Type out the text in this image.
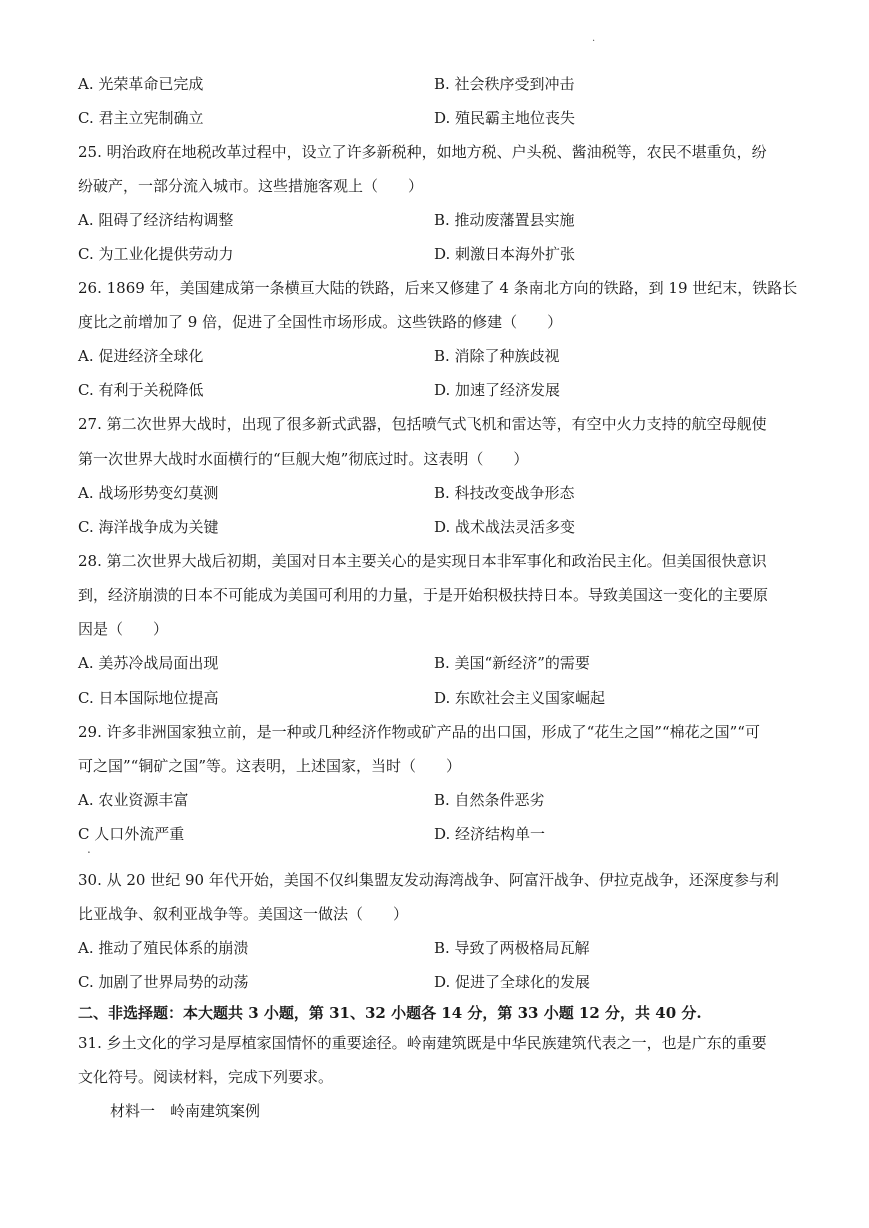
.
A. 光荣革命已完成	B. 社会秩序受到冲击
C. 君主立宪制确立	D. 殖民霸主地位丧失
25. 明治政府在地税改革过程中，设立了许多新税种，如地方税、户头税、酱油税等，农民不堪重负，纷
纷破产，一部分流入城市。这些措施客观上（　　）
A. 阻碍了经济结构调整	B. 推动废藩置县实施
C. 为工业化提供劳动力	D. 刺激日本海外扩张
26. 1869 年，美国建成第一条横亘大陆的铁路，后来又修建了 4 条南北方向的铁路，到 19 世纪末，铁路长
度比之前增加了 9 倍，促进了全国性市场形成。这些铁路的修建（　　）
A. 促进经济全球化	B. 消除了种族歧视
C. 有利于关税降低	D. 加速了经济发展
27. 第二次世界大战时，出现了很多新式武器，包括喷气式飞机和雷达等，有空中火力支持的航空母舰使
第一次世界大战时水面横行的“巨舰大炮”彻底过时。这表明（　　）
A. 战场形势变幻莫测	B. 科技改变战争形态
C. 海洋战争成为关键	D. 战术战法灵活多变
28. 第二次世界大战后初期，美国对日本主要关心的是实现日本非军事化和政治民主化。但美国很快意识
到，经济崩溃的日本不可能成为美国可利用的力量，于是开始积极扶持日本。导致美国这一变化的主要原
因是（　　）
A. 美苏冷战局面出现	B. 美国“新经济”的需要
C. 日本国际地位提高	D. 东欧社会主义国家崛起
29. 许多非洲国家独立前，是一种或几种经济作物或矿产品的出口国，形成了“花生之国”“棉花之国”“可
可之国”“铜矿之国”等。这表明，上述国家，当时（　　）
A. 农业资源丰富	B. 自然条件恶劣
C 人口外流严重	D. 经济结构单一
.
30. 从 20 世纪 90 年代开始，美国不仅纠集盟友发动海湾战争、阿富汗战争、伊拉克战争，还深度参与利
比亚战争、叙利亚战争等。美国这一做法（　　）
A. 推动了殖民体系的崩溃	B. 导致了两极格局瓦解
C. 加剧了世界局势的动荡	D. 促进了全球化的发展
二、非选择题：本大题共 3 小题，第 31、32 小题各 14 分，第 33 小题 12 分，共 40 分.
31. 乡土文化的学习是厚植家国情怀的重要途径。岭南建筑既是中华民族建筑代表之一，也是广东的重要
文化符号。阅读材料，完成下列要求。
材料一　岭南建筑案例
